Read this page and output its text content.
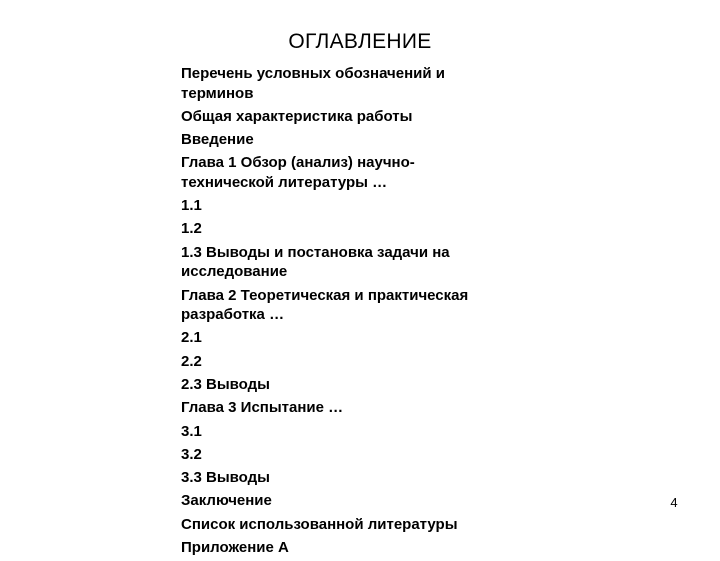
ОГЛАВЛЕНИЕ
Перечень условных обозначений и
терминов
Общая характеристика работы
Введение
Глава 1 Обзор (анализ) научно-
технической литературы …
1.1
1.2
1.3 Выводы и постановка задачи на
исследование
Глава 2 Теоретическая и практическая
разработка …
2.1
2.2
2.3 Выводы
Глава 3 Испытание …
3.1
3.2
3.3 Выводы
Заключение
Список использованной литературы
Приложение А
4
